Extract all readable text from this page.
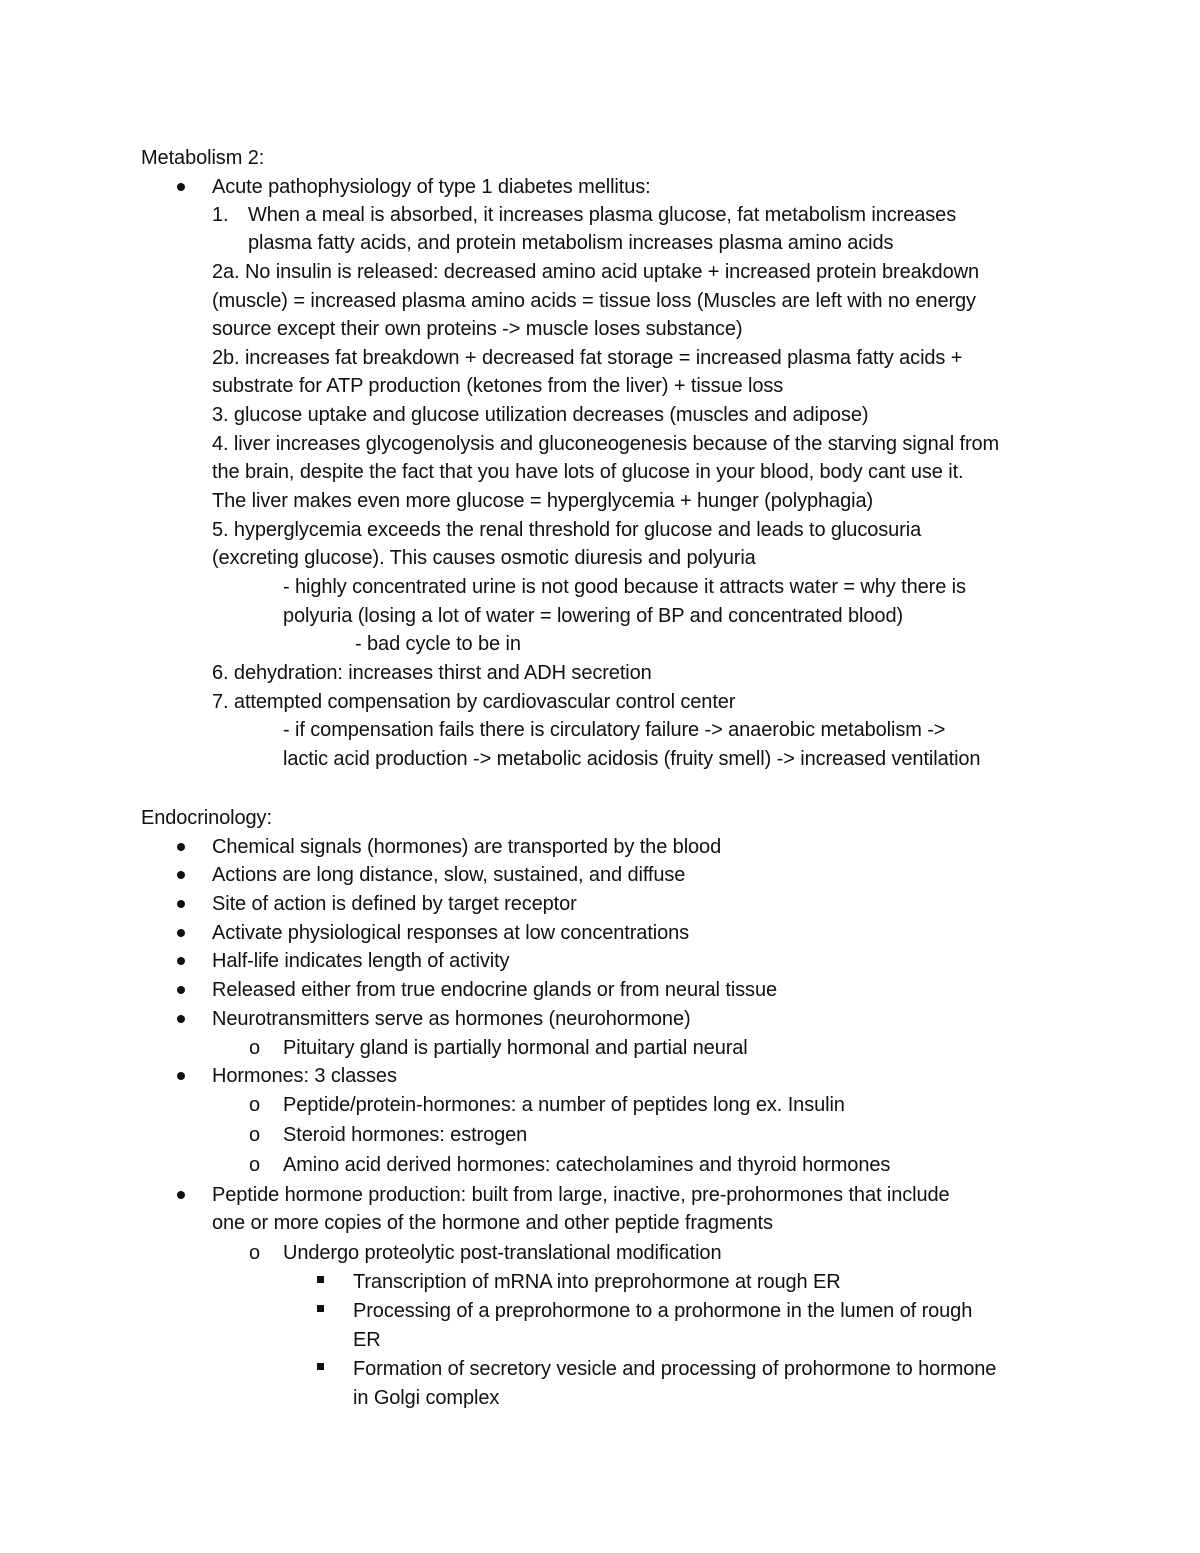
Metabolism 2:
Acute pathophysiology of type 1 diabetes mellitus:
1. When a meal is absorbed, it increases plasma glucose, fat metabolism increases
plasma fatty acids, and protein metabolism increases plasma amino acids
2a. No insulin is released: decreased amino acid uptake + increased protein breakdown
(muscle) = increased plasma amino acids = tissue loss (Muscles are left with no energy
source except their own proteins -> muscle loses substance)
2b. increases fat breakdown + decreased fat storage = increased plasma fatty acids +
substrate for ATP production (ketones from the liver) + tissue loss
3. glucose uptake and glucose utilization decreases (muscles and adipose)
4. liver increases glycogenolysis and gluconeogenesis because of the starving signal from
the brain, despite the fact that you have lots of glucose in your blood, body cant use it.
The liver makes even more glucose = hyperglycemia + hunger (polyphagia)
5. hyperglycemia exceeds the renal threshold for glucose and leads to glucosuria
(excreting glucose). This causes osmotic diuresis and polyuria
- highly concentrated urine is not good because it attracts water = why there is
polyuria (losing a lot of water = lowering of BP and concentrated blood)
- bad cycle to be in
6. dehydration: increases thirst and ADH secretion
7. attempted compensation by cardiovascular control center
- if compensation fails there is circulatory failure -> anaerobic metabolism ->
lactic acid production -> metabolic acidosis (fruity smell) -> increased ventilation
Endocrinology:
Chemical signals (hormones) are transported by the blood
Actions are long distance, slow, sustained, and diffuse
Site of action is defined by target receptor
Activate physiological responses at low concentrations
Half-life indicates length of activity
Released either from true endocrine glands or from neural tissue
Neurotransmitters serve as hormones (neurohormone)
o Pituitary gland is partially hormonal and partial neural
Hormones: 3 classes
o Peptide/protein-hormones: a number of peptides long ex. Insulin
o Steroid hormones: estrogen
o Amino acid derived hormones: catecholamines and thyroid hormones
Peptide hormone production: built from large, inactive, pre-prohormones that include
one or more copies of the hormone and other peptide fragments
o Undergo proteolytic post-translational modification
Transcription of mRNA into preprohormone at rough ER
Processing of a preprohormone to a prohormone in the lumen of rough
ER
Formation of secretory vesicle and processing of prohormone to hormone
in Golgi complex
